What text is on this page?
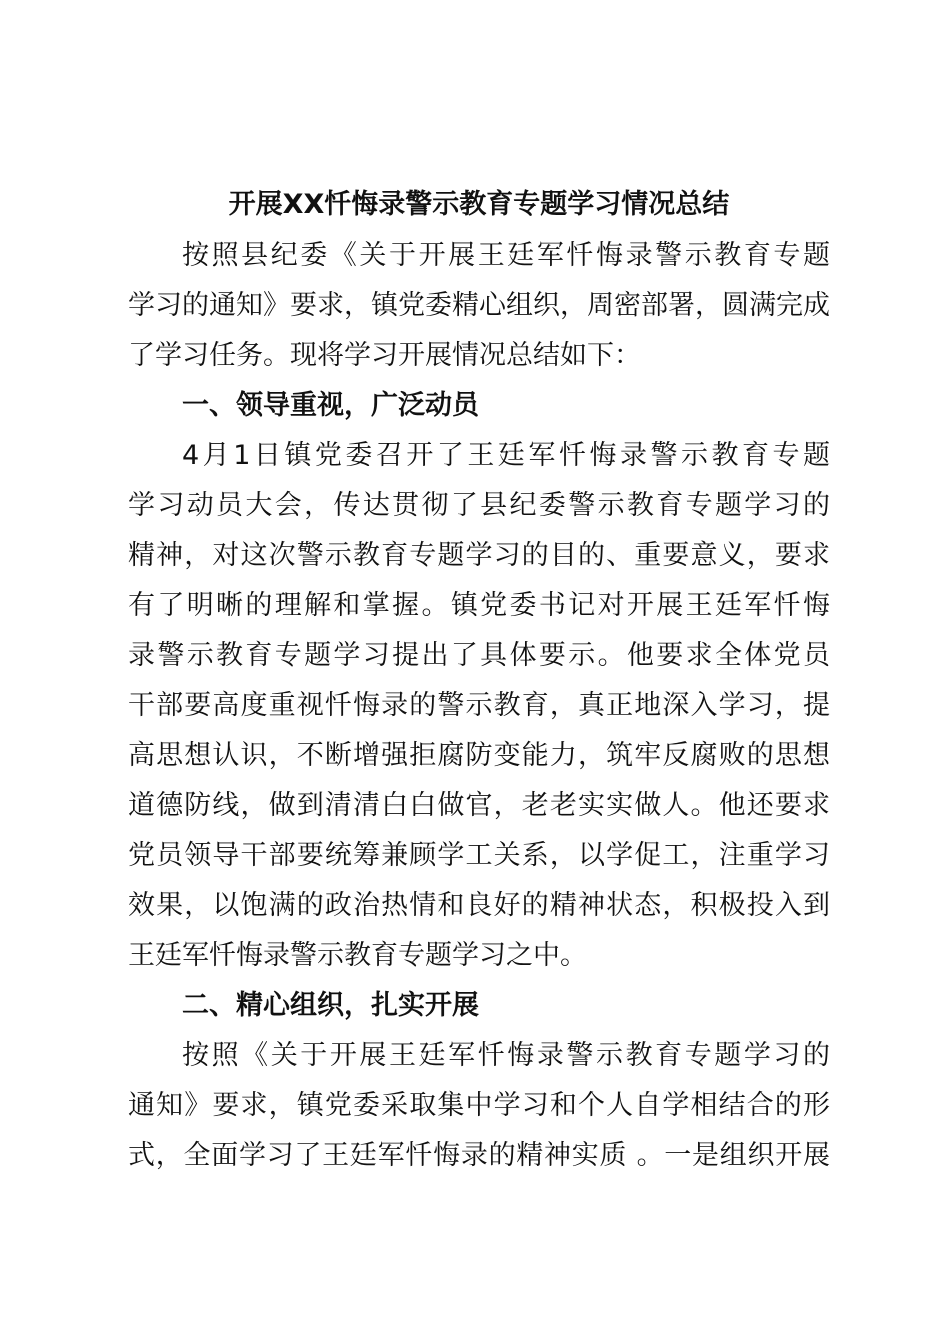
开展XX忏悔录警示教育专题学习情况总结
按照县纪委《关于开展王廷军忏悔录警示教育专题
学习的通知》要求，镇党委精心组织，周密部署，圆满完成
了学习任务。现将学习开展情况总结如下：
一、领导重视，广泛动员
4月1日镇党委召开了王廷军忏悔录警示教育专题
学习动员大会，传达贯彻了县纪委警示教育专题学习的
精神，对这次警示教育专题学习的目的、重要意义，要求
有了明晰的理解和掌握。镇党委书记对开展王廷军忏悔
录警示教育专题学习提出了具体要示。他要求全体党员
干部要高度重视忏悔录的警示教育，真正地深入学习，提
高思想认识，不断增强拒腐防变能力，筑牢反腐败的思想
道德防线，做到清清白白做官，老老实实做人。他还要求
党员领导干部要统筹兼顾学工关系，以学促工，注重学习
效果，以饱满的政治热情和良好的精神状态，积极投入到
王廷军忏悔录警示教育专题学习之中。
二、精心组织，扎实开展
按照《关于开展王廷军忏悔录警示教育专题学习的
通知》要求，镇党委采取集中学习和个人自学相结合的形
式，全面学习了王廷军忏悔录的精神实质 。一是组织开展
